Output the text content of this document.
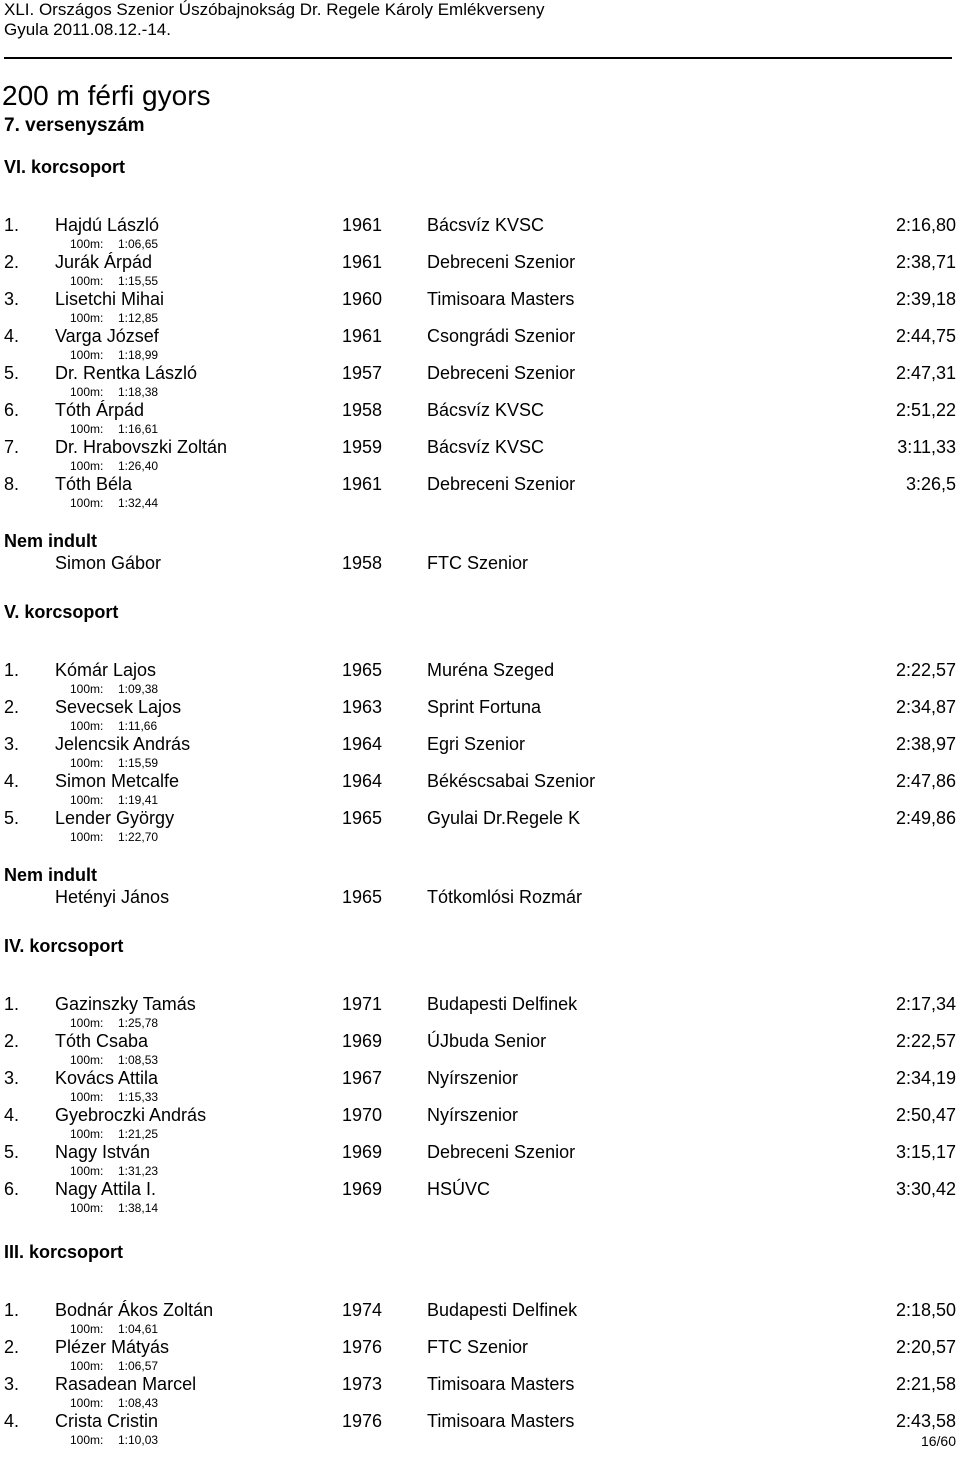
XLI. Országos Szenior Úszóbajnokság Dr. Regele Károly Emlékverseny
Gyula 2011.08.12.-14.
200 m férfi gyors
7. versenyszám
VI. korcsoport
1. Hajdú László	1961 Bácsvíz KVSC	2:16,80
100m: 1:06,65
2. Jurák Árpád	1961 Debreceni Szenior	2:38,71
100m: 1:15,55
3. Lisetchi Mihai	1960 Timisoara Masters	2:39,18
100m: 1:12,85
4. Varga József	1961 Csongrádi Szenior	2:44,75
100m: 1:18,99
5. Dr. Rentka László	1957 Debreceni Szenior	2:47,31
100m: 1:18,38
6. Tóth Árpád	1958 Bácsvíz KVSC	2:51,22
100m: 1:16,61
7. Dr. Hrabovszki Zoltán	1959 Bácsvíz KVSC	3:11,33
100m: 1:26,40
8. Tóth Béla	1961 Debreceni Szenior	3:26,5
100m: 1:32,44
Nem indult
Simon Gábor	1958 FTC Szenior
V. korcsoport
1. Kómár Lajos	1965 Muréna Szeged	2:22,57
100m: 1:09,38
2. Sevecsek Lajos	1963 Sprint Fortuna	2:34,87
100m: 1:11,66
3. Jelencsik András	1964 Egri Szenior	2:38,97
100m: 1:15,59
4. Simon Metcalfe	1964 Békéscsabai Szenior	2:47,86
100m: 1:19,41
5. Lender György	1965 Gyulai Dr.Regele K	2:49,86
100m: 1:22,70
Nem indult
Hetényi János	1965 Tótkomlósi Rozmár
IV. korcsoport
1. Gazinszky Tamás	1971 Budapesti Delfinek	2:17,34
100m: 1:25,78
2. Tóth Csaba	1969 ÚJbuda Senior	2:22,57
100m: 1:08,53
3. Kovács Attila	1967 Nyírszenior	2:34,19
100m: 1:15,33
4. Gyebroczki András	1970 Nyírszenior	2:50,47
100m: 1:21,25
5. Nagy István	1969 Debreceni Szenior	3:15,17
100m: 1:31,23
6. Nagy Attila I.	1969 HSÚVC	3:30,42
100m: 1:38,14
III. korcsoport
1. Bodnár Ákos Zoltán	1974 Budapesti Delfinek	2:18,50
100m: 1:04,61
2. Plézer Mátyás	1976 FTC Szenior	2:20,57
100m: 1:06,57
3. Rasadean Marcel	1973 Timisoara Masters	2:21,58
100m: 1:08,43
4. Crista Cristin	1976 Timisoara Masters	2:43,58
100m: 1:10,03	16/60
